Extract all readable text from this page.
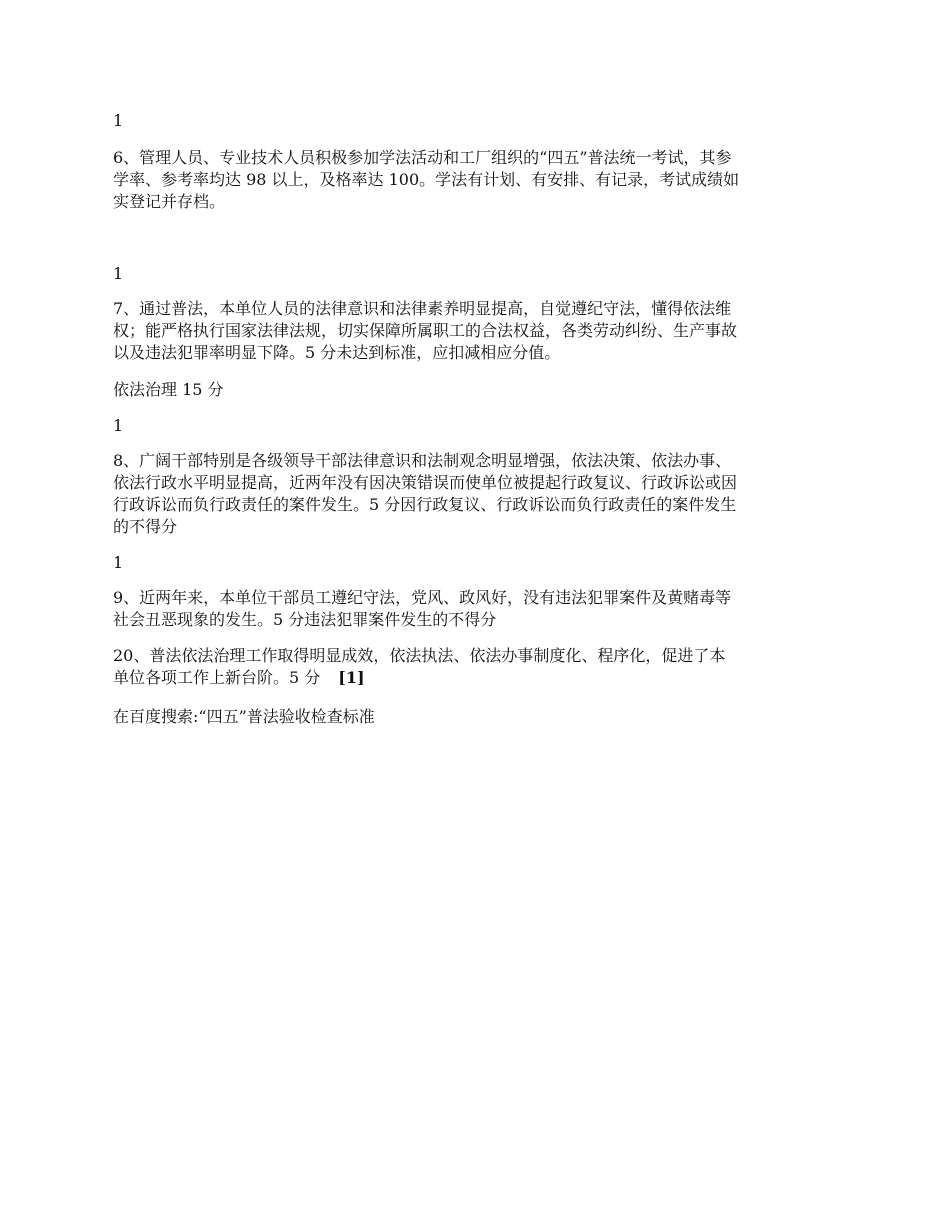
1

6、管理人员、专业技术人员积极参加学法活动和工厂组织的“四五”普法统一考试，其参
学率、参考率均达 98 以上，及格率达 100。学法有计划、有安排、有记录，考试成绩如
实登记并存档。

1

7、通过普法，本单位人员的法律意识和法律素养明显提高，自觉遵纪守法，懂得依法维
权；能严格执行国家法律法规，切实保障所属职工的合法权益，各类劳动纠纷、生产事故
以及违法犯罪率明显下降。5 分未达到标准，应扣减相应分值。

依法治理 15 分

1

8、广阔干部特别是各级领导干部法律意识和法制观念明显增强，依法决策、依法办事、
依法行政水平明显提高，近两年没有因决策错误而使单位被提起行政复议、行政诉讼或因
行政诉讼而负行政责任的案件发生。5 分因行政复议、行政诉讼而负行政责任的案件发生
的不得分

1

9、近两年来，本单位干部员工遵纪守法，党风、政风好，没有违法犯罪案件及黄赌毒等
社会丑恶现象的发生。5 分违法犯罪案件发生的不得分

20、普法依法治理工作取得明显成效，依法执法、依法办事制度化、程序化，促进了本
单位各项工作上新台阶。5 分 [1]

在百度搜索:“四五”普法验收检查标准
